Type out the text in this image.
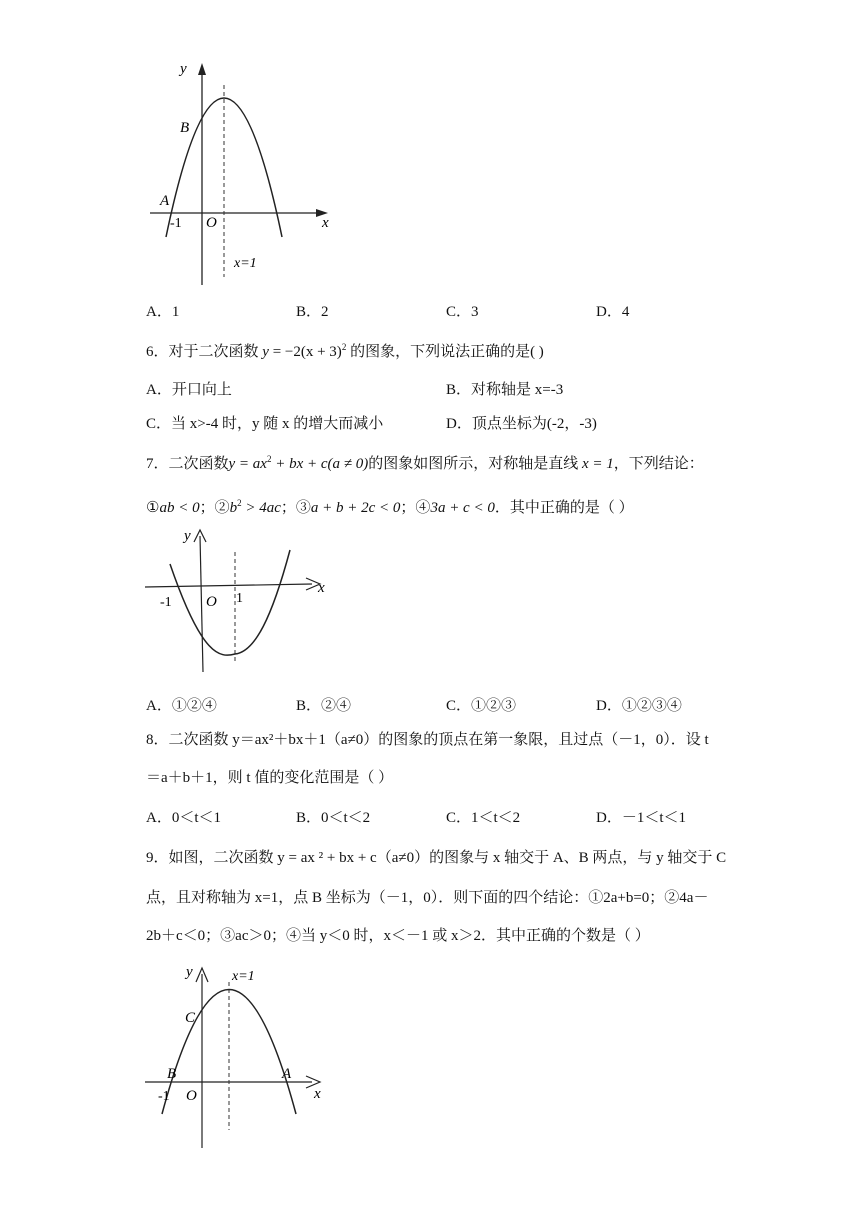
y
x
B
A
-1 O
x=1
A．1	B．2	C．3	D．4
6．对于二次函数 $y = -2(x + 3)^2$ 的图象，下列说法正确的是( )
A．开口向上	B．对称轴是 x=-3
C．当 x>-4 时，y 随 x 的增大而减小	D．顶点坐标为(-2，-3)
7．二次函数$y = ax^2$ + bx + c(a ≠ 0)的图象如图所示，对称轴是直线 x = 1，下列结论：
①ab < 0；$②b^2 > 4ac$；③a + b + 2c < 0；④3a + c < 0．其中正确的是（ ）
y
x
-1 O 1
A．①②④	B．②④	C．①②③	D．①②③④
8．二次函数 y＝ax²＋bx＋1（a≠0）的图象的顶点在第一象限，且过点（－1，0）．设 t
＝a＋b＋1，则 t 值的变化范围是（ ）
A．0＜t＜1	B．0＜t＜2	C．1＜t＜2	D．－1＜t＜1
9．如图，二次函数 y = ax ² + bx + c（a≠0）的图象与 x 轴交于 A、B 两点，与 y 轴交于 C
点，且对称轴为 x=1，点 B 坐标为（－1，0）．则下面的四个结论：①2a+b=0；②4a－
2b＋c＜0；③ac＞0；④当 y＜0 时，x＜－1 或 x＞2．其中正确的个数是（ ）
y	x=1
C
B	A
-1 O	x
